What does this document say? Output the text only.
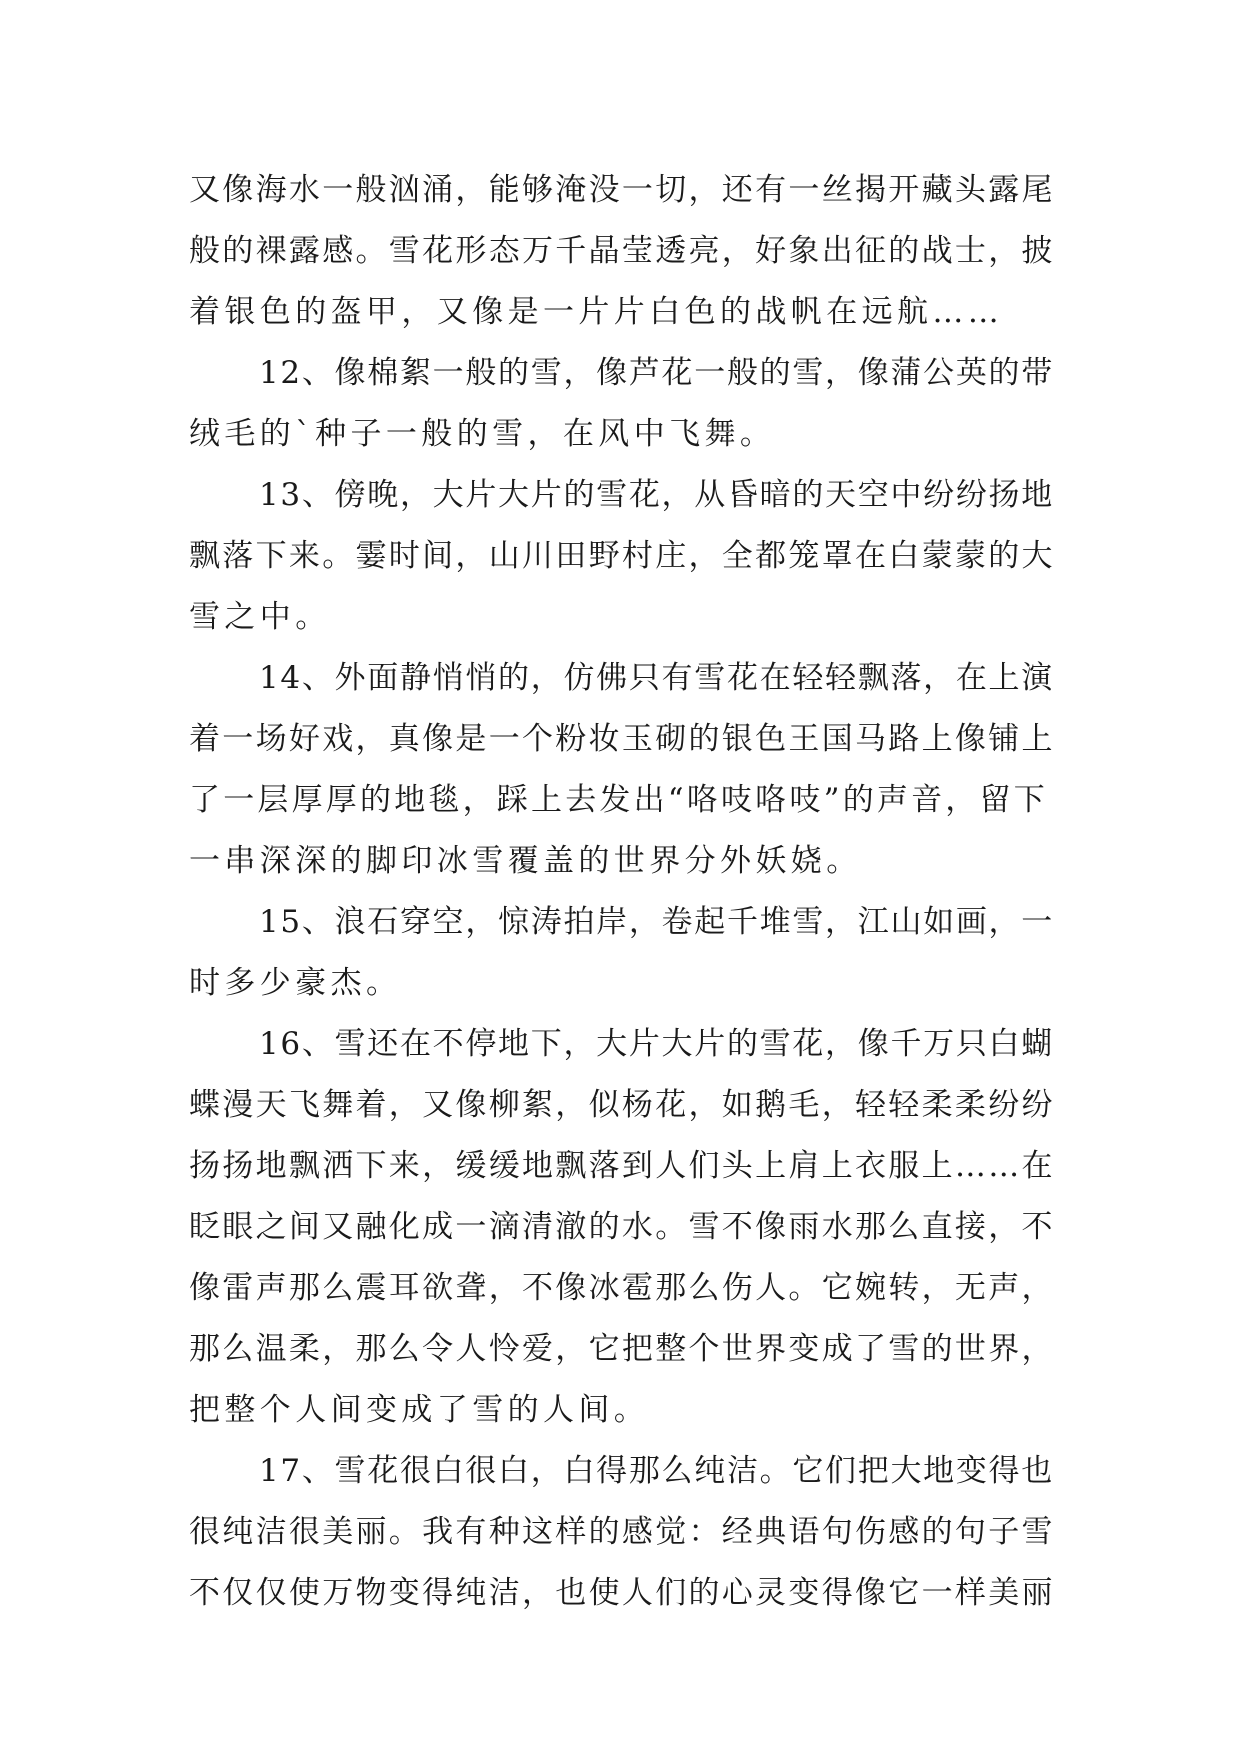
又像海水一般汹涌，能够淹没一切，还有一丝揭开藏头露尾
般的裸露感。雪花形态万千晶莹透亮，好象出征的战士，披
着银色的盔甲，又像是一片片白色的战帆在远航……
12、像棉絮一般的雪，像芦花一般的雪，像蒲公英的带
绒毛的`种子一般的雪，在风中飞舞。
13、傍晚，大片大片的雪花，从昏暗的天空中纷纷扬地
飘落下来。霎时间，山川田野村庄，全都笼罩在白蒙蒙的大
雪之中。
14、外面静悄悄的，仿佛只有雪花在轻轻飘落，在上演
着一场好戏，真像是一个粉妆玉砌的银色王国马路上像铺上
了一层厚厚的地毯，踩上去发出“咯吱咯吱”的声音，留下
一串深深的脚印冰雪覆盖的世界分外妖娆。
15、浪石穿空，惊涛拍岸，卷起千堆雪，江山如画，一
时多少豪杰。
16、雪还在不停地下，大片大片的雪花，像千万只白蝴
蝶漫天飞舞着，又像柳絮，似杨花，如鹅毛，轻轻柔柔纷纷
扬扬地飘洒下来，缓缓地飘落到人们头上肩上衣服上……在
眨眼之间又融化成一滴清澈的水。雪不像雨水那么直接，不
像雷声那么震耳欲聋，不像冰雹那么伤人。它婉转，无声，
那么温柔，那么令人怜爱，它把整个世界变成了雪的世界，
把整个人间变成了雪的人间。
17、雪花很白很白，白得那么纯洁。它们把大地变得也
很纯洁很美丽。我有种这样的感觉：经典语句伤感的句子雪
不仅仅使万物变得纯洁，也使人们的心灵变得像它一样美丽
